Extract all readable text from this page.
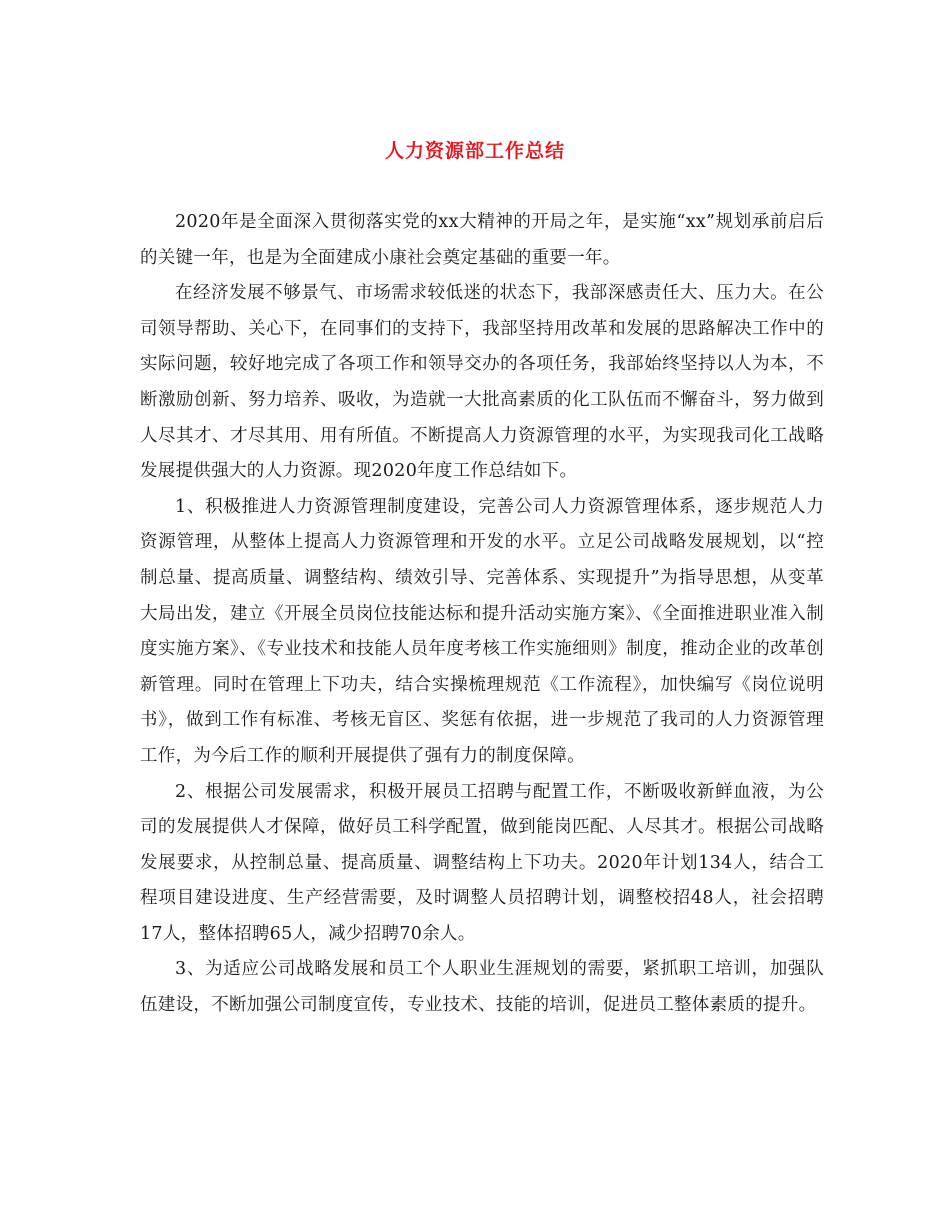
人力资源部工作总结

2020年是全面深入贯彻落实党的xx大精神的开局之年，是实施“xx”规划承前启后的关键一年，也是为全面建成小康社会奠定基础的重要一年。

在经济发展不够景气、市场需求较低迷的状态下，我部深感责任大、压力大。在公司领导帮助、关心下，在同事们的支持下，我部坚持用改革和发展的思路解决工作中的实际问题，较好地完成了各项工作和领导交办的各项任务，我部始终坚持以人为本，不断激励创新、努力培养、吸收，为造就一大批高素质的化工队伍而不懈奋斗，努力做到人尽其才、才尽其用、用有所值。不断提高人力资源管理的水平，为实现我司化工战略发展提供强大的人力资源。现2020年度工作总结如下。

1、积极推进人力资源管理制度建设，完善公司人力资源管理体系，逐步规范人力资源管理，从整体上提高人力资源管理和开发的水平。立足公司战略发展规划，以“控制总量、提高质量、调整结构、绩效引导、完善体系、实现提升”为指导思想，从变革大局出发，建立《开展全员岗位技能达标和提升活动实施方案》、《全面推进职业准入制度实施方案》、《专业技术和技能人员年度考核工作实施细则》制度，推动企业的改革创新管理。同时在管理上下功夫，结合实操梳理规范《工作流程》，加快编写《岗位说明书》，做到工作有标准、考核无盲区、奖惩有依据，进一步规范了我司的人力资源管理工作，为今后工作的顺利开展提供了强有力的制度保障。

2、根据公司发展需求，积极开展员工招聘与配置工作，不断吸收新鲜血液，为公司的发展提供人才保障，做好员工科学配置，做到能岗匹配、人尽其才。根据公司战略发展要求，从控制总量、提高质量、调整结构上下功夫。2020年计划134人，结合工程项目建设进度、生产经营需要，及时调整人员招聘计划，调整校招48人，社会招聘17人，整体招聘65人，减少招聘70余人。

3、为适应公司战略发展和员工个人职业生涯规划的需要，紧抓职工培训，加强队伍建设，不断加强公司制度宣传，专业技术、技能的培训，促进员工整体素质的提升。
